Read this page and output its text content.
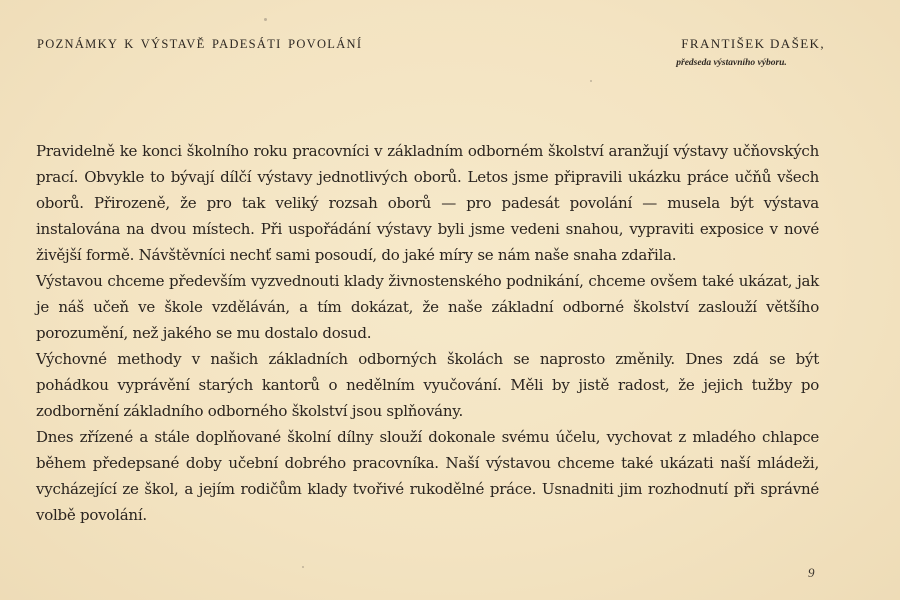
POZNÁMKY K VÝSTAVĚ PADESÁTI POVOLÁNÍ	FRANTIŠEK DAŠEK,
předseda výstavního výboru.

Pravidelně ke konci školního roku pracovníci v základním odborném školství aranžují výstavy učňovských prací. Obvykle to bývají dílčí výstavy jednotlivých oborů. Letos jsme připravili ukázku práce učňů všech oborů. Přirozeně, že pro tak veliký rozsah oborů — pro padesát povolání — musela být výstava instalována na dvou místech. Při uspořádání výstavy byli jsme vedeni snahou, vypraviti exposice v nové živější formě. Návštěvníci nechť sami posoudí, do jaké míry se nám naše snaha zdařila.

Výstavou chceme především vyzvednouti klady živnostenského podnikání, chceme ovšem také ukázat, jak je náš učeň ve škole vzděláván, a tím dokázat, že naše základní odborné školství zaslouží většího porozumění, než jakého se mu dostalo dosud.

Výchovné methody v našich základních odborných školách se naprosto změnily. Dnes zdá se být pohádkou vyprávění starých kantorů o nedělním vyučování. Měli by jistě radost, že jejich tužby po zodbornění základního odborného školství jsou splňovány.

Dnes zřízené a stále doplňované školní dílny slouží dokonale svému účelu, vychovat z mladého chlapce během předepsané doby učební dobrého pracovníka. Naší výstavou chceme také ukázati naší mládeži, vycházející ze škol, a jejím rodičům klady tvořivé rukodělné práce. Usnadniti jim rozhodnutí při správné volbě povolání.

9
